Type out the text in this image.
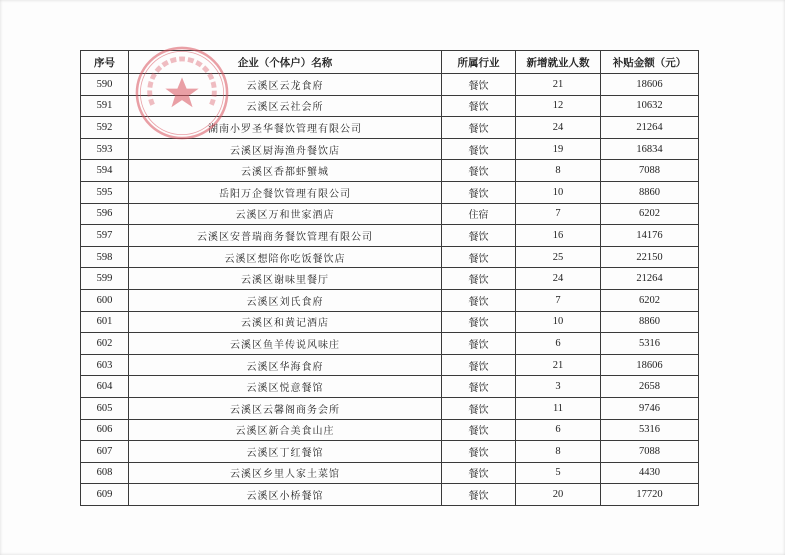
序号	企业（个体户）名称	所属行业	新增就业人数	补贴金额（元）
590	云溪区云龙食府	餐饮	21	18606
591	云溪区云社会所	餐饮	12	10632
592	湖南小罗圣华餐饮管理有限公司	餐饮	24	21264
593	云溪区厨海渔舟餐饮店	餐饮	19	16834
594	云溪区香都虾蟹城	餐饮	8	7088
595	岳阳万企餐饮管理有限公司	餐饮	10	8860
596	云溪区万和世家酒店	住宿	7	6202
597	云溪区安普瑞商务餐饮管理有限公司	餐饮	16	14176
598	云溪区想陪你吃饭餐饮店	餐饮	25	22150
599	云溪区谢味里餐厅	餐饮	24	21264
600	云溪区刘氏食府	餐饮	7	6202
601	云溪区和黄记酒店	餐饮	10	8860
602	云溪区鱼羊传说风味庄	餐饮	6	5316
603	云溪区华海食府	餐饮	21	18606
604	云溪区悦意餐馆	餐饮	3	2658
605	云溪区云馨阁商务会所	餐饮	11	9746
606	云溪区新合美食山庄	餐饮	6	5316
607	云溪区丁红餐馆	餐饮	8	7088
608	云溪区乡里人家土菜馆	餐饮	5	4430
609	云溪区小桥餐馆	餐饮	20	17720
